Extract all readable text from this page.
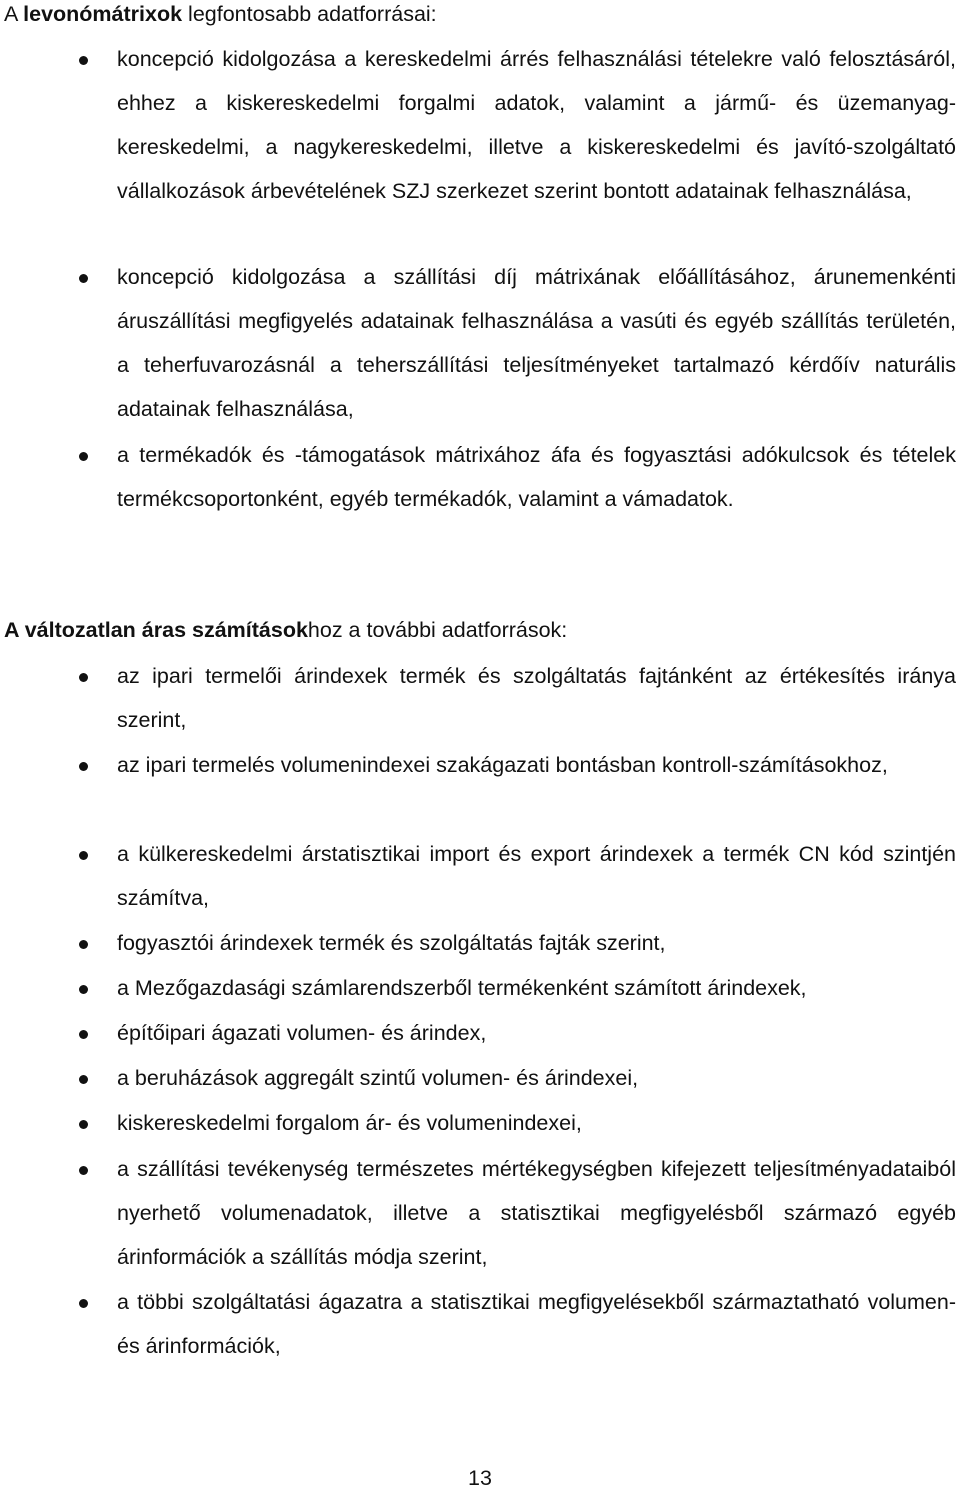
A levonómátrixok legfontosabb adatforrásai:
koncepció kidolgozása a kereskedelmi árrés felhasználási tételekre való felosztásáról, ehhez a kiskereskedelmi forgalmi adatok, valamint a jármű- és üzemanyag-kereskedelmi, a nagykereskedelmi, illetve a kiskereskedelmi és javító-szolgáltató vállalkozások árbevételének SZJ szerkezet szerint bontott adatainak felhasználása,
koncepció kidolgozása a szállítási díj mátrixának előállításához, árunemenkénti áruszállítási megfigyelés adatainak felhasználása a vasúti és egyéb szállítás területén, a teherfuvarozásnál a teherszállítási teljesítményeket tartalmazó kérdőív naturális adatainak felhasználása,
a termékadók és -támogatások mátrixához áfa és fogyasztási adókulcsok és tételek termékcsoportonként, egyéb termékadók, valamint a vámadatok.
A változatlan áras számításokhoz a további adatforrások:
az ipari termelői árindexek termék és szolgáltatás fajtánként az értékesítés iránya szerint,
az ipari termelés volumenindexei szakágazati bontásban kontroll-számításokhoz,
a külkereskedelmi árstatisztikai import és export árindexek a termék CN kód szintjén számítva,
fogyasztói árindexek termék és szolgáltatás fajták szerint,
a Mezőgazdasági számlarendszerből termékenként számított árindexek,
építőipari ágazati volumen- és árindex,
a beruházások aggregált szintű volumen- és árindexei,
kiskereskedelmi forgalom ár- és volumenindexei,
a szállítási tevékenység természetes mértékegységben kifejezett teljesítményadataiból nyerhető volumenadatok, illetve a statisztikai megfigyelésből származó egyéb árinformációk a szállítás módja szerint,
a többi szolgáltatási ágazatra a statisztikai megfigyelésekből származtatható volumen- és árinformációk,
13
